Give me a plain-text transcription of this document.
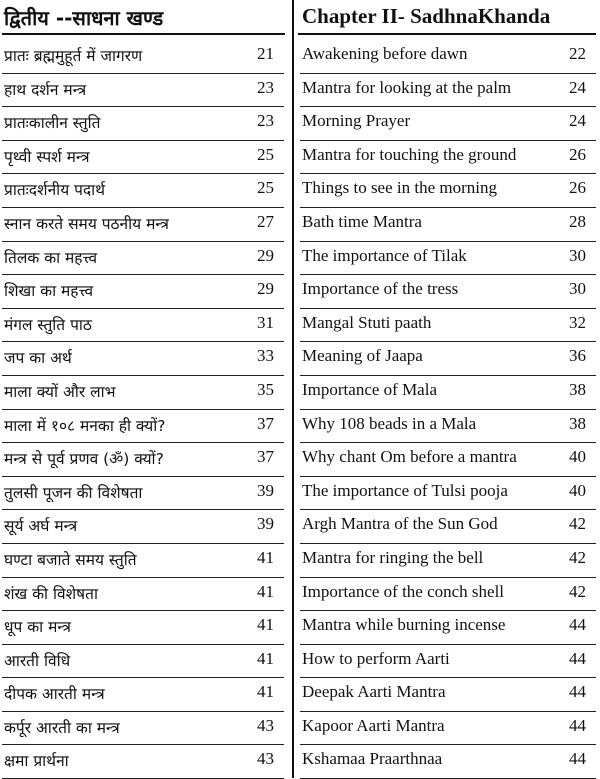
द्वितीय --साधना खण्ड
प्रातः ब्रह्ममुहूर्त में जागरण	21
हाथ दर्शन मन्त्र	23
प्रातःकालीन स्तुति	23
पृथ्वी स्पर्श मन्त्र	25
प्रातःदर्शनीय पदार्थ	25
स्नान करते समय पठनीय मन्त्र	27
तिलक का महत्त्व	29
शिखा का महत्त्व	29
मंगल स्तुति पाठ	31
जप का अर्थ	33
माला क्यों और लाभ	35
माला में १०८ मनका ही क्यों?	37
मन्त्र से पूर्व प्रणव (ॐ) क्यों?	37
तुलसी पूजन की विशेषता	39
सूर्य अर्घ मन्त्र	39
घण्टा बजाते समय स्तुति	41
शंख की विशेषता	41
धूप का मन्त्र	41
आरती विधि	41
दीपक आरती मन्त्र	41
कर्पूर आरती का मन्त्र	43
क्षमा प्रार्थना	43
Chapter II- SadhnaKhanda
Awakening before dawn	22
Mantra for looking at the palm	24
Morning Prayer	24
Mantra for touching the ground	26
Things to see in the morning	26
Bath time Mantra	28
The importance of Tilak	30
Importance of the tress	30
Mangal Stuti paath	32
Meaning of Jaapa	36
Importance of Mala	38
Why 108 beads in a Mala	38
Why chant Om before a mantra	40
The importance of Tulsi pooja	40
Argh Mantra of the Sun God	42
Mantra for ringing the bell	42
Importance of the conch shell	42
Mantra while burning incense	44
How to perform Aarti	44
Deepak Aarti Mantra	44
Kapoor Aarti Mantra	44
Kshamaa Praarthnaa	44
